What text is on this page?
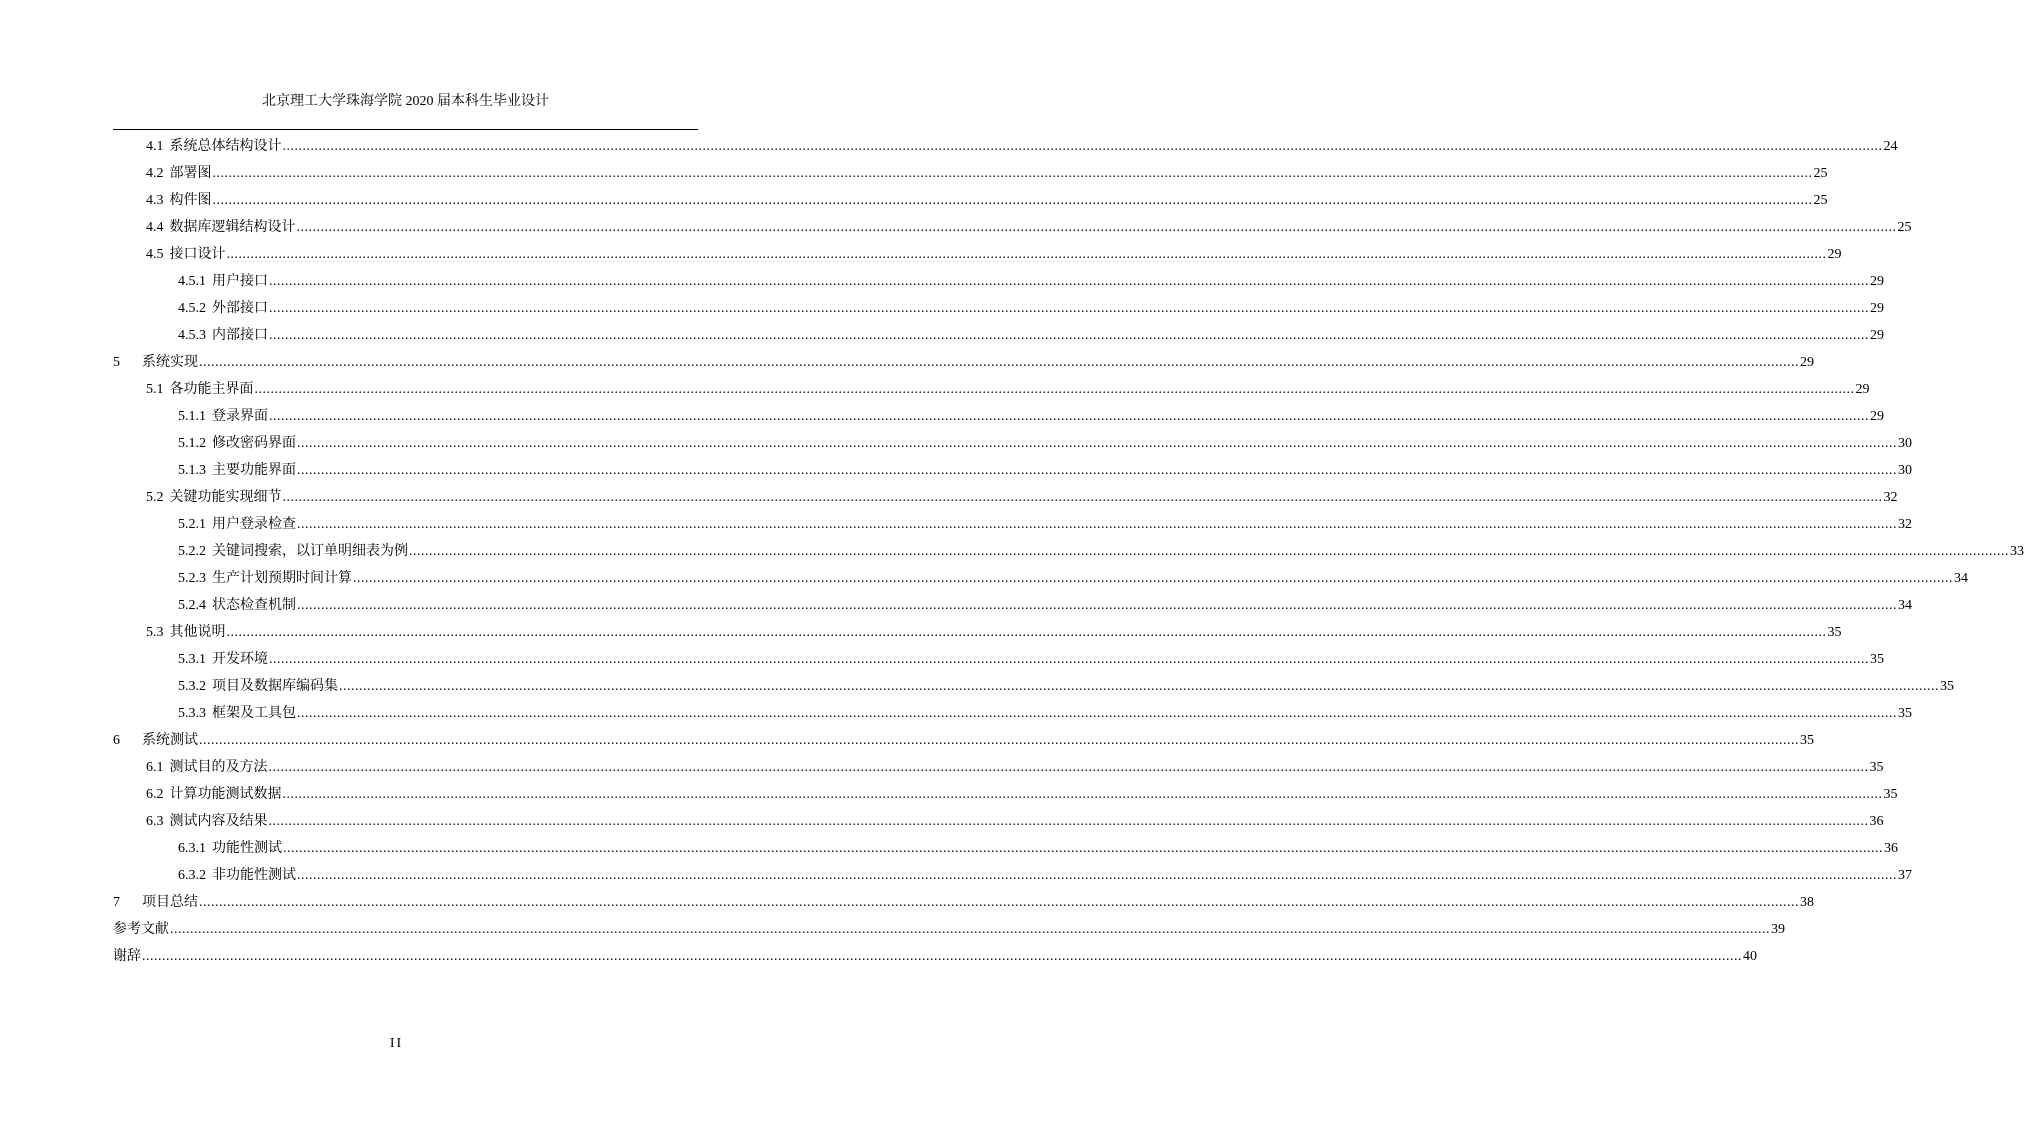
北京理工大学珠海学院 2020 届本科生毕业设计
4.1 系统总体结构设计 ................................................................................................................................................................................................................................................................................................................................................................................................................ 24
4.2 部署图 ................................................................................................................................................................................................................................................................................................................................................................................................................ 25
4.3 构件图 ................................................................................................................................................................................................................................................................................................................................................................................................................ 25
4.4 数据库逻辑结构设计 ................................................................................................................................................................................................................................................................................................................................................................................................................ 25
4.5 接口设计 ................................................................................................................................................................................................................................................................................................................................................................................................................ 29
4.5.1 用户接口 ................................................................................................................................................................................................................................................................................................................................................................................................................ 29
4.5.2 外部接口 ................................................................................................................................................................................................................................................................................................................................................................................................................ 29
4.5.3 内部接口 ................................................................................................................................................................................................................................................................................................................................................................................................................ 29
5 系统实现 ................................................................................................................................................................................................................................................................................................................................................................................................................ 29
5.1 各功能主界面 ................................................................................................................................................................................................................................................................................................................................................................................................................ 29
5.1.1 登录界面 ................................................................................................................................................................................................................................................................................................................................................................................................................ 29
5.1.2 修改密码界面 ................................................................................................................................................................................................................................................................................................................................................................................................................ 30
5.1.3 主要功能界面 ................................................................................................................................................................................................................................................................................................................................................................................................................ 30
5.2 关键功能实现细节 ................................................................................................................................................................................................................................................................................................................................................................................................................ 32
5.2.1 用户登录检查 ................................................................................................................................................................................................................................................................................................................................................................................................................ 32
5.2.2 关键词搜索，以订单明细表为例 ................................................................................................................................................................................................................................................................................................................................................................................................................ 33
5.2.3 生产计划预期时间计算 ................................................................................................................................................................................................................................................................................................................................................................................................................ 34
5.2.4 状态检查机制 ................................................................................................................................................................................................................................................................................................................................................................................................................ 34
5.3 其他说明 ................................................................................................................................................................................................................................................................................................................................................................................................................ 35
5.3.1 开发环境 ................................................................................................................................................................................................................................................................................................................................................................................................................ 35
5.3.2 项目及数据库编码集 ................................................................................................................................................................................................................................................................................................................................................................................................................ 35
5.3.3 框架及工具包 ................................................................................................................................................................................................................................................................................................................................................................................................................ 35
6 系统测试 ................................................................................................................................................................................................................................................................................................................................................................................................................ 35
6.1 测试目的及方法 ................................................................................................................................................................................................................................................................................................................................................................................................................ 35
6.2 计算功能测试数据 ................................................................................................................................................................................................................................................................................................................................................................................................................ 35
6.3 测试内容及结果 ................................................................................................................................................................................................................................................................................................................................................................................................................ 36
6.3.1 功能性测试 ................................................................................................................................................................................................................................................................................................................................................................................................................ 36
6.3.2 非功能性测试 ................................................................................................................................................................................................................................................................................................................................................................................................................ 37
7 项目总结 ................................................................................................................................................................................................................................................................................................................................................................................................................ 38
参考文献 ................................................................................................................................................................................................................................................................................................................................................................................................................ 39
谢辞 ................................................................................................................................................................................................................................................................................................................................................................................................................ 40
II
